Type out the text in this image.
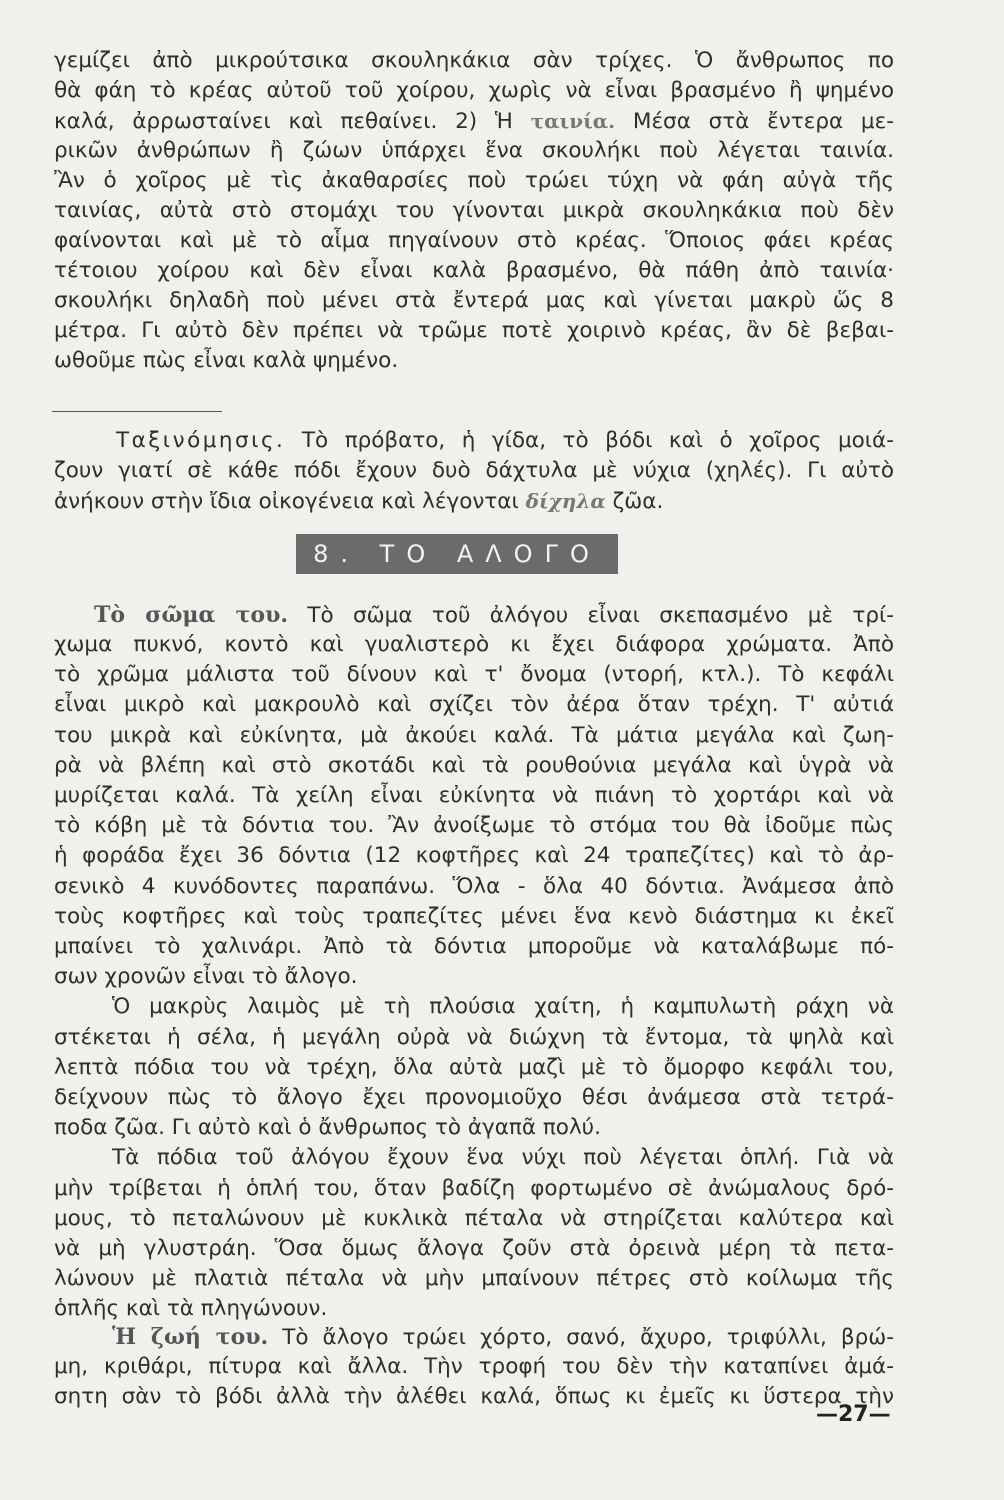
γεμίζει ἀπὸ μικρούτσικα σκουληκάκια σὰν τρίχες. Ὁ ἄνθρωπος πο
θὰ φάη τὸ κρέας αὐτοῦ τοῦ χοίρου, χωρὶς νὰ εἶναι βρασμένο ἢ ψημένο
καλά, ἀρρωσταίνει καὶ πεθαίνει. 2) Ἡ ταινία. Μέσα στὰ ἔντερα με-
ρικῶν ἀνθρώπων ἢ ζώων ὑπάρχει ἕνα σκουλήκι ποὺ λέγεται ταινία.
Ἂν ὁ χοῖρος μὲ τὶς ἀκαθαρσίες ποὺ τρώει τύχη νὰ φάη αὐγὰ τῆς
ταινίας, αὐτὰ στὸ στομάχι του γίνονται μικρὰ σκουληκάκια ποὺ δὲν
φαίνονται καὶ μὲ τὸ αἷμα πηγαίνουν στὸ κρέας. Ὅποιος φάει κρέας
τέτοιου χοίρου καὶ δὲν εἶναι καλὰ βρασμένο, θὰ πάθη ἀπὸ ταινία·
σκουλήκι δηλαδὴ ποὺ μένει στὰ ἔντερά μας καὶ γίνεται μακρὺ ὥς 8
μέτρα. Γι αὐτὸ δὲν πρέπει νὰ τρῶμε ποτὲ χοιρινὸ κρέας, ἂν δὲ βεβαι-
ωθοῦμε πὼς εἶναι καλὰ ψημένο.
Ταξινόμησις. Τὸ πρόβατο, ἡ γίδα, τὸ βόδι καὶ ὁ χοῖρος μοιά-
ζουν γιατί σὲ κάθε πόδι ἔχουν δυὸ δάχτυλα μὲ νύχια (χηλές). Γι αὐτὸ
ἀνήκουν στὴν ἴδια οἰκογένεια καὶ λέγονται δίχηλα ζῶα.
8. ΤΟ ΑΛΟΓΟ
Τὸ σῶμα του. Τὸ σῶμα τοῦ ἀλόγου εἶναι σκεπασμένο μὲ τρί-
χωμα πυκνό, κοντὸ καὶ γυαλιστερὸ κι ἔχει διάφορα χρώματα. Ἀπὸ
τὸ χρῶμα μάλιστα τοῦ δίνουν καὶ τ' ὄνομα (ντορή, κτλ.). Τὸ κεφάλι
εἶναι μικρὸ καὶ μακρουλὸ καὶ σχίζει τὸν ἀέρα ὅταν τρέχη. Τ' αὐτιά
του μικρὰ καὶ εὐκίνητα, μὰ ἀκούει καλά. Τὰ μάτια μεγάλα καὶ ζωη-
ρὰ νὰ βλέπη καὶ στὸ σκοτάδι καὶ τὰ ρουθούνια μεγάλα καὶ ὑγρὰ νὰ
μυρίζεται καλά. Τὰ χείλη εἶναι εὐκίνητα νὰ πιάνη τὸ χορτάρι καὶ νὰ
τὸ κόβη μὲ τὰ δόντια του. Ἂν ἀνοίξωμε τὸ στόμα του θὰ ἰδοῦμε πὼς
ἡ φοράδα ἔχει 36 δόντια (12 κοφτῆρες καὶ 24 τραπεζίτες) καὶ τὸ ἀρ-
σενικὸ 4 κυνόδοντες παραπάνω. Ὅλα - ὅλα 40 δόντια. Ἀνάμεσα ἀπὸ
τοὺς κοφτῆρες καὶ τοὺς τραπεζίτες μένει ἕνα κενὸ διάστημα κι ἐκεῖ
μπαίνει τὸ χαλινάρι. Ἀπὸ τὰ δόντια μποροῦμε νὰ καταλάβωμε πό-
σων χρονῶν εἶναι τὸ ἄλογο.
Ὁ μακρὺς λαιμὸς μὲ τὴ πλούσια χαίτη, ἡ καμπυλωτὴ ράχη νὰ
στέκεται ἡ σέλα, ἡ μεγάλη οὐρὰ νὰ διώχνη τὰ ἔντομα, τὰ ψηλὰ καὶ
λεπτὰ πόδια του νὰ τρέχη, ὅλα αὐτὰ μαζὶ μὲ τὸ ὄμορφο κεφάλι του,
δείχνουν πὼς τὸ ἄλογο ἔχει προνομιοῦχο θέσι ἀνάμεσα στὰ τετρά-
ποδα ζῶα. Γι αὐτὸ καὶ ὁ ἄνθρωπος τὸ ἀγαπᾶ πολύ.
Τὰ πόδια τοῦ ἀλόγου ἔχουν ἕνα νύχι ποὺ λέγεται ὁπλή. Γιὰ νὰ
μὴν τρίβεται ἡ ὁπλή του, ὅταν βαδίζη φορτωμένο σὲ ἀνώμαλους δρό-
μους, τὸ πεταλώνουν μὲ κυκλικὰ πέταλα νὰ στηρίζεται καλύτερα καὶ
νὰ μὴ γλυστράη. Ὅσα ὅμως ἄλογα ζοῦν στὰ ὀρεινὰ μέρη τὰ πετα-
λώνουν μὲ πλατιὰ πέταλα νὰ μὴν μπαίνουν πέτρες στὸ κοίλωμα τῆς
ὁπλῆς καὶ τὰ πληγώνουν.
Ἡ ζωή του. Τὸ ἄλογο τρώει χόρτο, σανό, ἄχυρο, τριφύλλι, βρώ-
μη, κριθάρι, πίτυρα καὶ ἄλλα. Τὴν τροφή του δὲν τὴν καταπίνει ἀμά-
σητη σὰν τὸ βόδι ἀλλὰ τὴν ἀλέθει καλά, ὅπως κι ἐμεῖς κι ὕστερα τὴν
—27—
